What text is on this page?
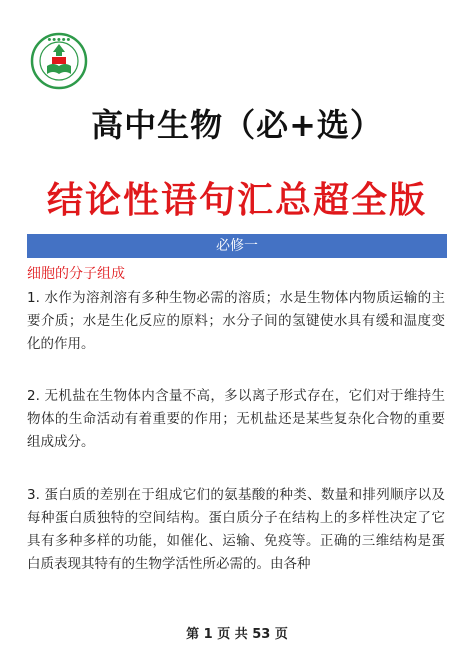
● ● ● ● ●
高中生物（必+选）
结论性语句汇总超全版
必修一
细胞的分子组成
1. 水作为溶剂溶有多种生物必需的溶质；水是生物体内物质运输的主要介质；水是生化反应的原料；水分子间的氢键使水具有缓和温度变化的作用。
2. 无机盐在生物体内含量不高，多以离子形式存在，它们对于维持生物体的生命活动有着重要的作用；无机盐还是某些复杂化合物的重要组成成分。
3. 蛋白质的差别在于组成它们的氨基酸的种类、数量和排列顺序以及每种蛋白质独特的空间结构。蛋白质分子在结构上的多样性决定了它具有多种多样的功能，如催化、运输、免疫等。正确的三维结构是蛋白质表现其特有的生物学活性所必需的。由各种
第 1 页 共 53 页
